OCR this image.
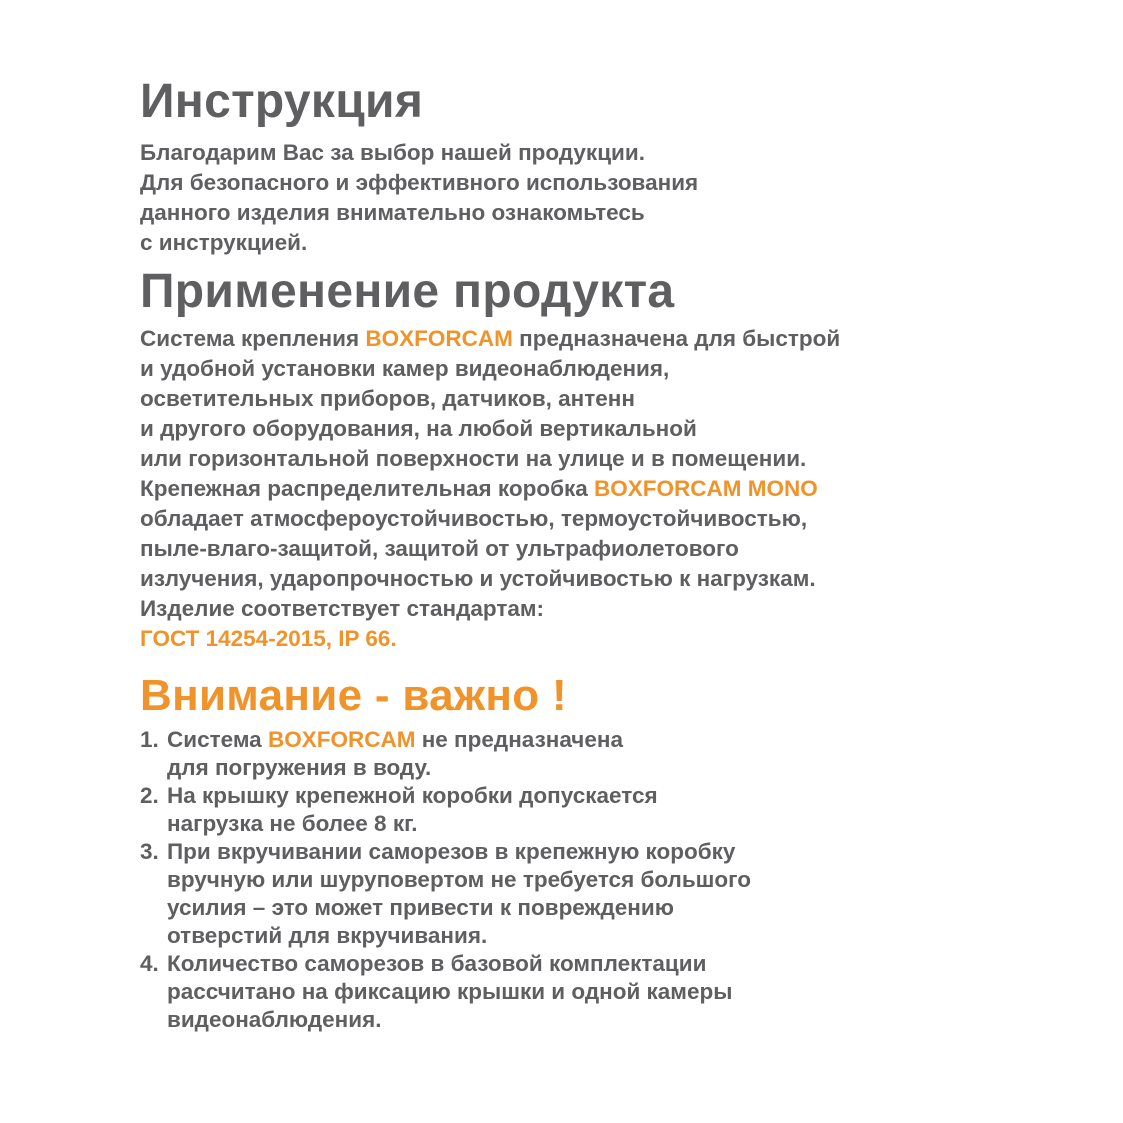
Инструкция

Благодарим Вас за выбор нашей продукции.
Для безопасного и эффективного использования
данного изделия внимательно ознакомьтесь
с инструкцией.

Применение продукта

Система крепления BOXFORCAM предназначена для быстрой
и удобной установки камер видеонаблюдения,
осветительных приборов, датчиков, антенн
и другого оборудования, на любой вертикальной
или горизонтальной поверхности на улице и в помещении.
Крепежная распределительная коробка BOXFORCAM MONO
обладает атмосфероустойчивостью, термоустойчивостью,
пыле-влаго-защитой, защитой от ультрафиолетового
излучения, ударопрочностью и устойчивостью к нагрузкам.
Изделие соответствует стандартам:
ГОСТ 14254-2015, IP 66.

Внимание - важно !
1. Система BOXFORCAM не предназначена
для погружения в воду.
2. На крышку крепежной коробки допускается
нагрузка не более 8 кг.
3. При вкручивании саморезов в крепежную коробку
вручную или шуруповертом не требуется большого
усилия – это может привести к повреждению
отверстий для вкручивания.
4. Количество саморезов в базовой комплектации
рассчитано на фиксацию крышки и одной камеры
видеонаблюдения.
